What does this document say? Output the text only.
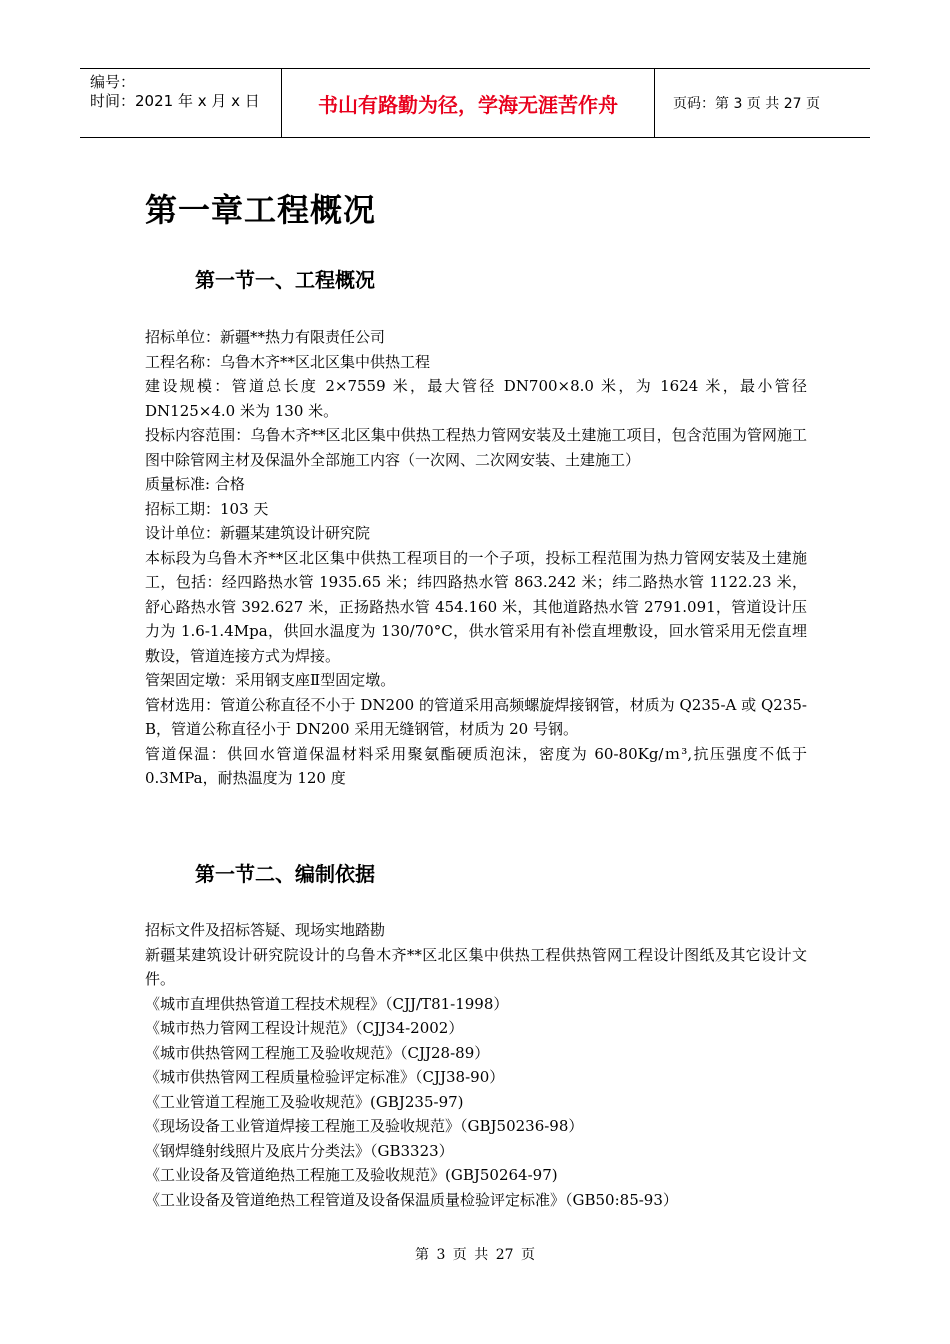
编号：
时间：2021 年 x 月 x 日	书山有路勤为径，学海无涯苦作舟	页码：第 3 页 共 27 页
第一章工程概况
第一节一、工程概况

招标单位：新疆**热力有限责任公司

工程名称：乌鲁木齐**区北区集中供热工程

建设规模：管道总长度 2×7559 米，最大管径 DN700×8.0 米，为 1624 米，最小管径 DN125×4.0 米为 130 米。

投标内容范围：乌鲁木齐**区北区集中供热工程热力管网安装及土建施工项目，包含范围为管网施工图中除管网主材及保温外全部施工内容（一次网、二次网安装、土建施工）

质量标准: 合格

招标工期：103 天

设计单位：新疆某建筑设计研究院

本标段为乌鲁木齐**区北区集中供热工程项目的一个子项，投标工程范围为热力管网安装及土建施工，包括：经四路热水管 1935.65 米；纬四路热水管 863.242 米；纬二路热水管 1122.23 米，舒心路热水管 392.627 米，正扬路热水管 454.160 米，其他道路热水管 2791.091，管道设计压力为 1.6-1.4Mpa，供回水温度为 130/70°C，供水管采用有补偿直埋敷设，回水管采用无偿直埋敷设，管道连接方式为焊接。

管架固定墩：采用钢支座Ⅱ型固定墩。

管材选用：管道公称直径不小于 DN200 的管道采用高频螺旋焊接钢管，材质为 Q235-A 或 Q235-B，管道公称直径小于 DN200 采用无缝钢管，材质为 20 号钢。

管道保温：供回水管道保温材料采用聚氨酯硬质泡沫，密度为 60-80Kg/ｍ³,抗压强度不低于 0.3MPa，耐热温度为 120 度

第一节二、编制依据

招标文件及招标答疑、现场实地踏勘

新疆某建筑设计研究院设计的乌鲁木齐**区北区集中供热工程供热管网工程设计图纸及其它设计文件。

《城市直埋供热管道工程技术规程》（CJJ/T81-1998）

《城市热力管网工程设计规范》（CJJ34-2002）

《城市供热管网工程施工及验收规范》（CJJ28-89）

《城市供热管网工程质量检验评定标准》（CJJ38-90）

《工业管道工程施工及验收规范》(GBJ235-97)

《现场设备工业管道焊接工程施工及验收规范》（GBJ50236-98）

《钢焊缝射线照片及底片分类法》（GB3323）

《工业设备及管道绝热工程施工及验收规范》(GBJ50264-97)

《工业设备及管道绝热工程管道及设备保温质量检验评定标准》（GB50:85-93）

第 3 页 共 27 页
